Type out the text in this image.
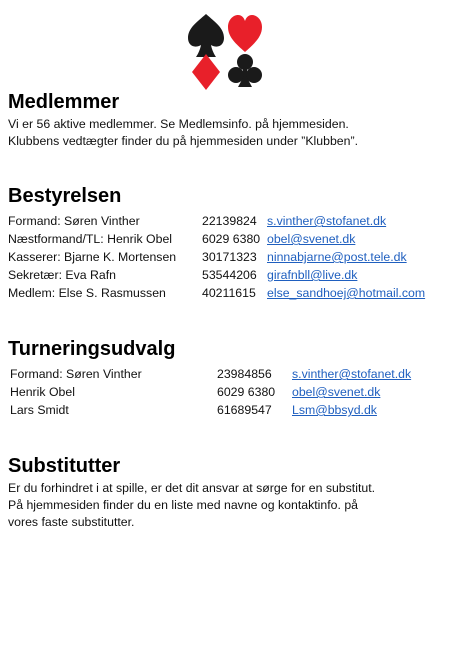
Medlemmer
Vi er 56 aktive medlemmer. Se Medlemsinfo. på hjemmesiden.
Klubbens vedtægter finder du på hjemmesiden under ”Klubben”.
Bestyrelsen
Formand: Søren Vinther	22139824	s.vinther@stofanet.dk
Næstformand/TL: Henrik Obel	6029 6380	obel@svenet.dk
Kasserer: Bjarne K. Mortensen	30171323	ninnabjarne@post.tele.dk
Sekretær: Eva Rafn	53544206	girafnbll@live.dk
Medlem: Else S. Rasmussen	40211615	else_sandhoej@hotmail.com
Turneringsudvalg
Formand: Søren Vinther	23984856	s.vinther@stofanet.dk
Henrik Obel	6029 6380	obel@svenet.dk
Lars Smidt	61689547	Lsm@bbsyd.dk
Substitutter
Er du forhindret i at spille, er det dit ansvar at sørge for en substitut.
På hjemmesiden finder du en liste med navne og kontaktinfo. på
vores faste substitutter.
